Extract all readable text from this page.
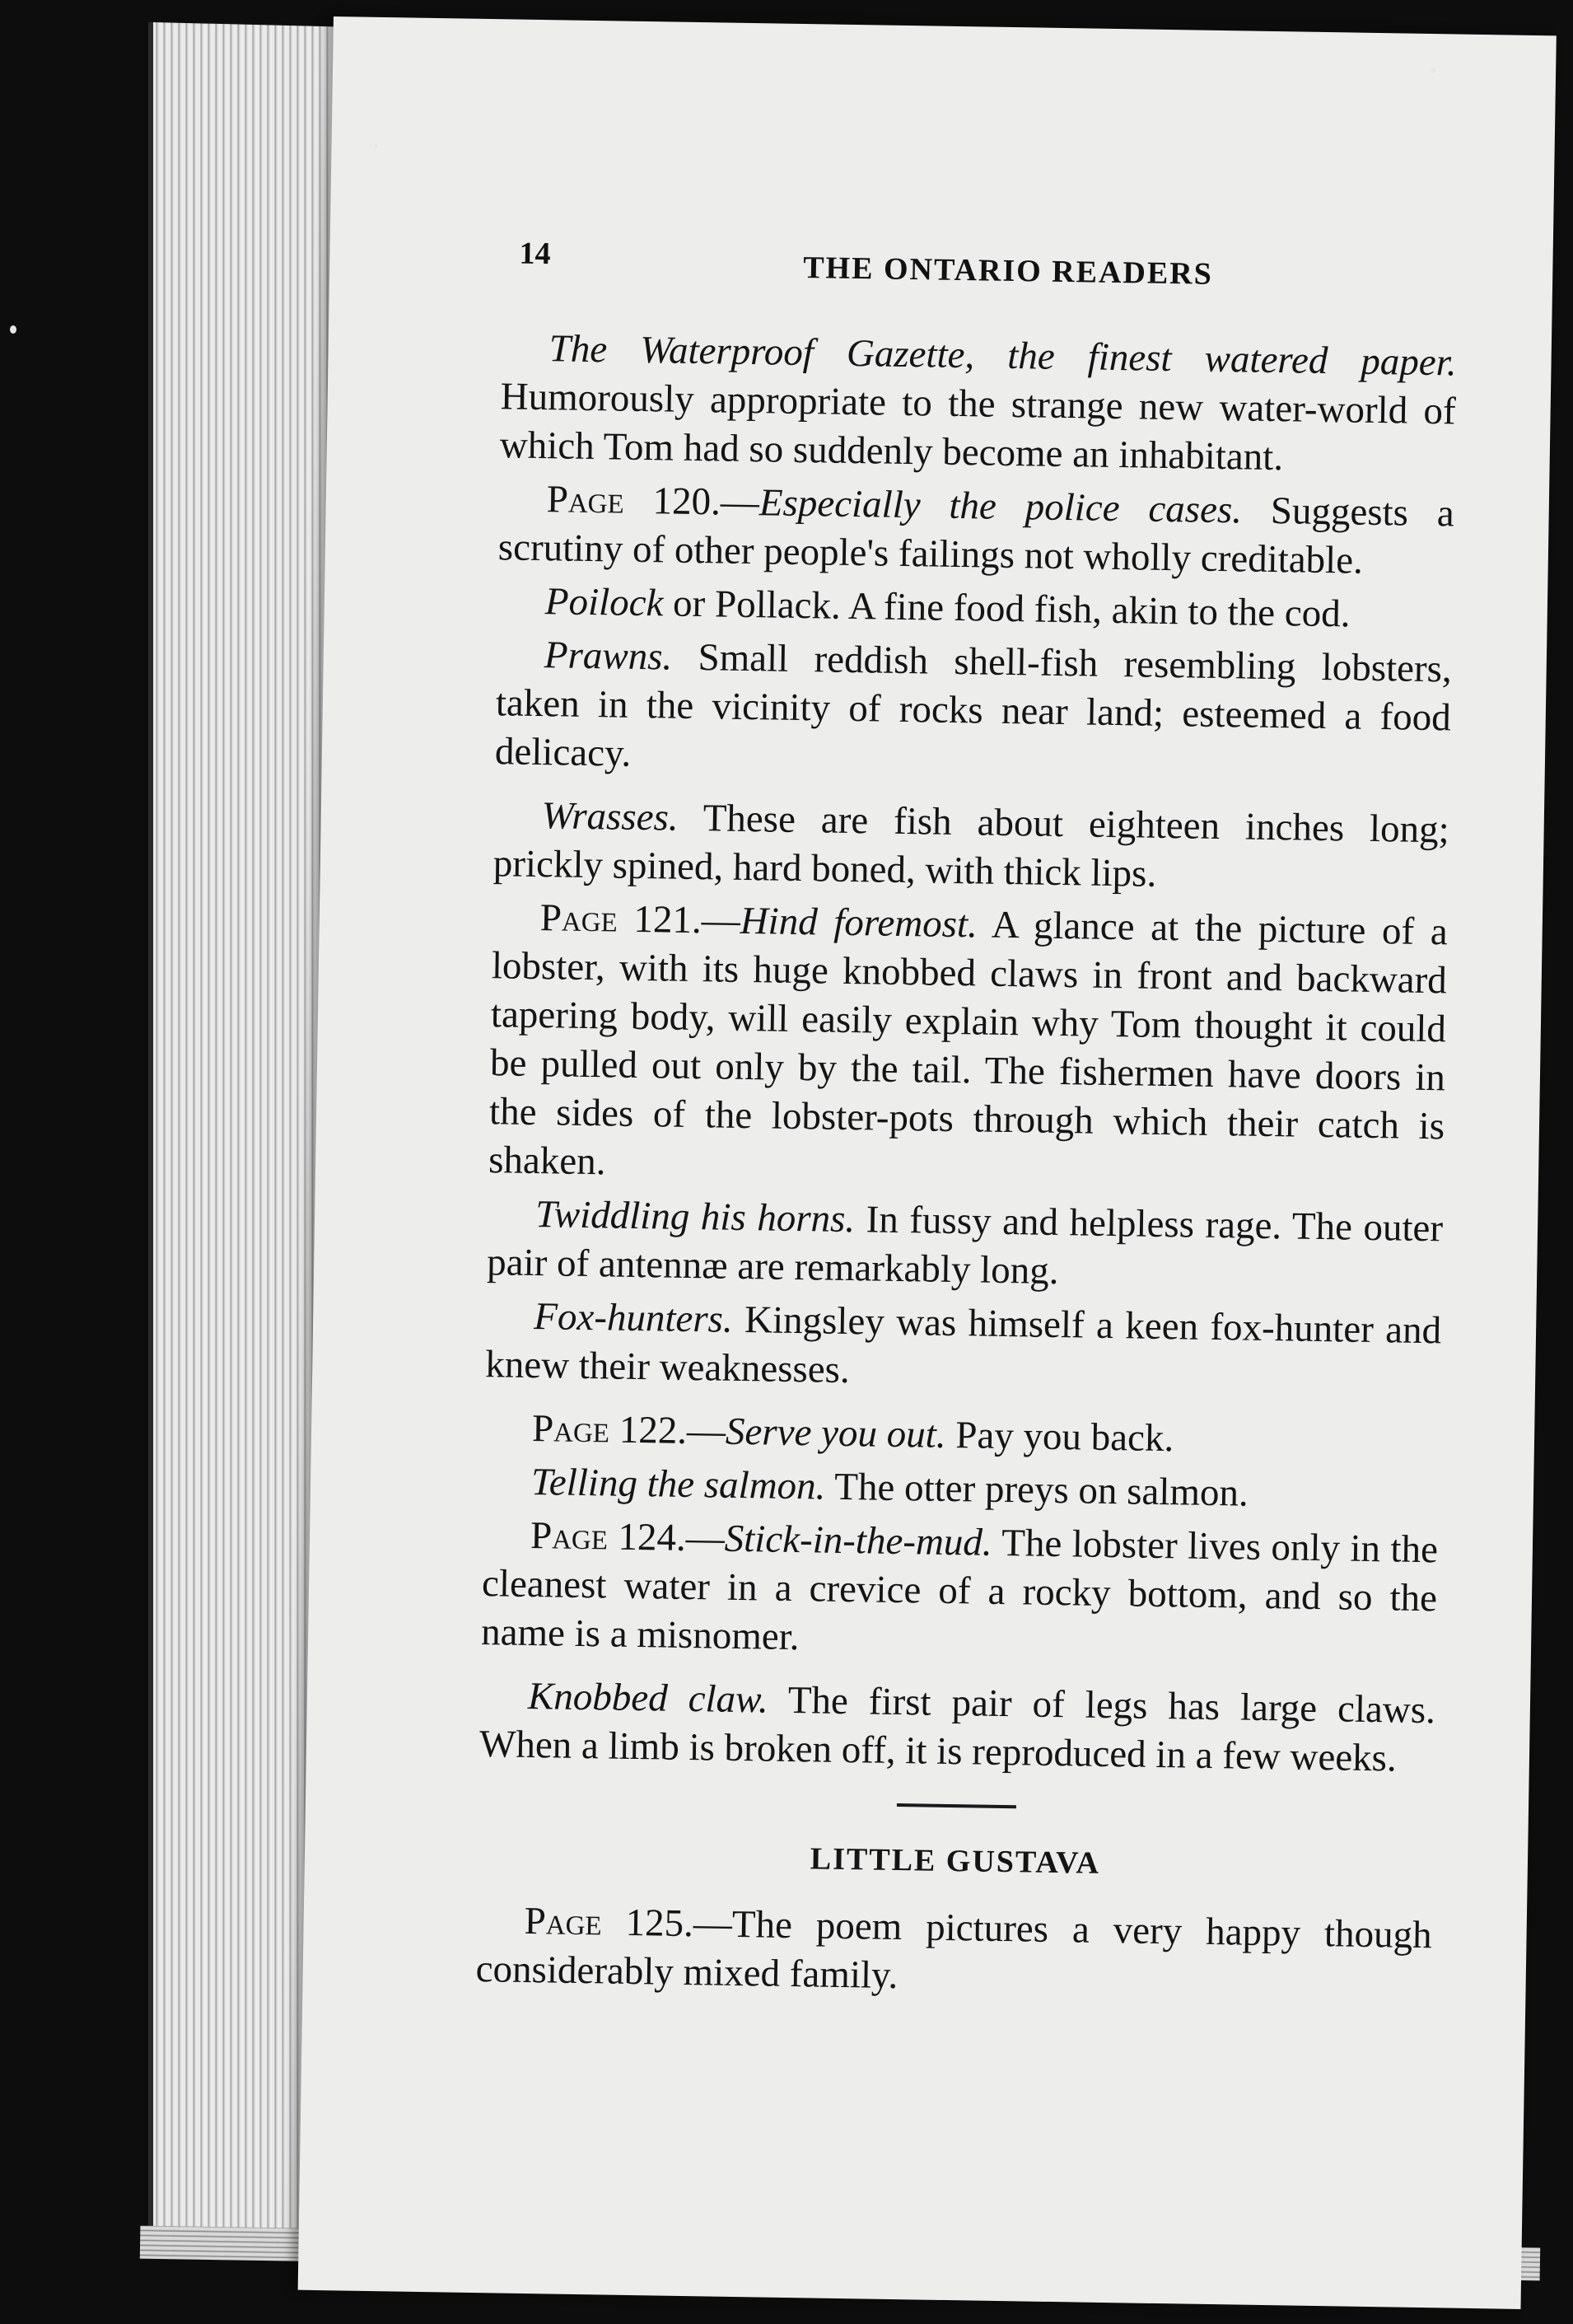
14	THE ONTARIO READERS

The Waterproof Gazette, the finest watered paper. Humorously appropriate to the strange new water-world of which Tom had so suddenly become an inhabitant.

Page 120.—Especially the police cases. Suggests a scrutiny of other people's failings not wholly creditable.

Poilock or Pollack. A fine food fish, akin to the cod.

Prawns. Small reddish shell-fish resembling lobsters, taken in the vicinity of rocks near land; esteemed a food delicacy.

Wrasses. These are fish about eighteen inches long; prickly spined, hard boned, with thick lips.

Page 121.—Hind foremost. A glance at the picture of a lobster, with its huge knobbed claws in front and backward tapering body, will easily explain why Tom thought it could be pulled out only by the tail. The fishermen have doors in the sides of the lobster-pots through which their catch is shaken.

Twiddling his horns. In fussy and helpless rage. The outer pair of antennæ are remarkably long.

Fox-hunters. Kingsley was himself a keen fox-hunter and knew their weaknesses.

Page 122.—Serve you out. Pay you back.

Telling the salmon. The otter preys on salmon.

Page 124.—Stick-in-the-mud. The lobster lives only in the cleanest water in a crevice of a rocky bottom, and so the name is a misnomer.

Knobbed claw. The first pair of legs has large claws. When a limb is broken off, it is reproduced in a few weeks.

LITTLE GUSTAVA

Page 125.—The poem pictures a very happy though considerably mixed family.
